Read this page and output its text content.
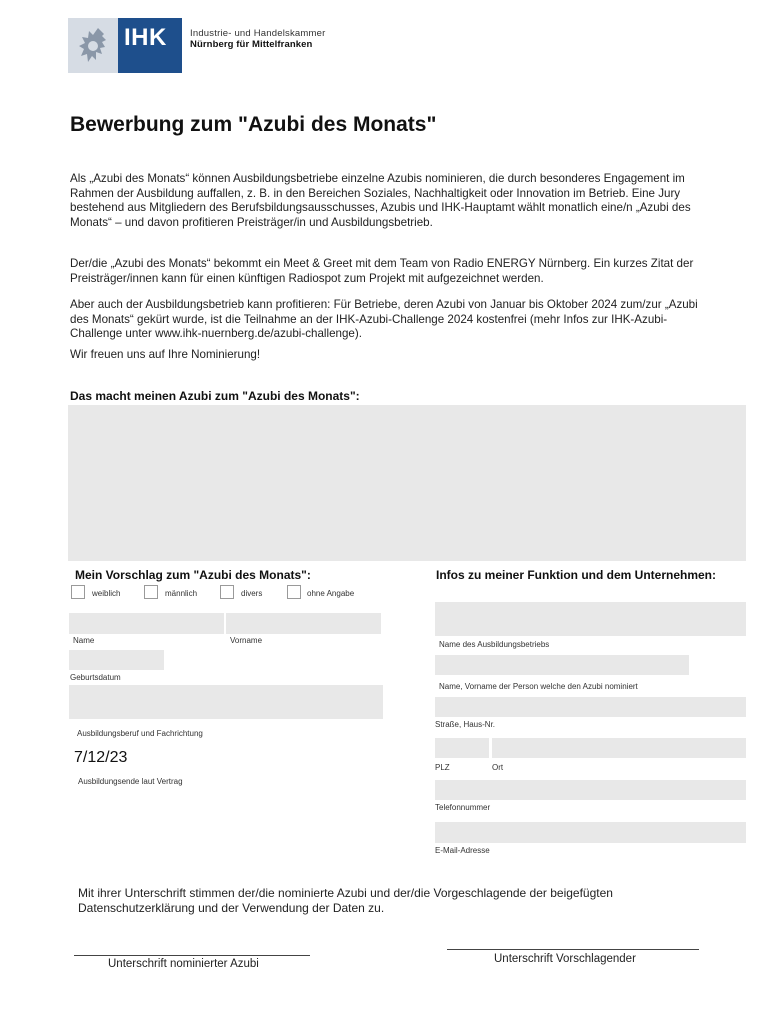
IHK Industrie- und Handelskammer
Nürnberg für Mittelfranken
Bewerbung zum "Azubi des Monats"
Als „Azubi des Monats“ können Ausbildungsbetriebe einzelne Azubis nominieren, die durch besonderes Engagement im Rahmen der Ausbildung auffallen, z. B. in den Bereichen Soziales, Nachhaltigkeit oder Innovation im Betrieb. Eine Jury bestehend aus Mitgliedern des Berufsbildungsausschusses, Azubis und IHK-Hauptamt wählt monatlich eine/n „Azubi des Monats“ – und davon profitieren Preisträger/in und Ausbildungsbetrieb.
Der/die „Azubi des Monats“ bekommt ein Meet & Greet mit dem Team von Radio ENERGY Nürnberg. Ein kurzes Zitat der Preisträger/innen kann für einen künftigen Radiospot zum Projekt mit aufgezeichnet werden.
Aber auch der Ausbildungsbetrieb kann profitieren: Für Betriebe, deren Azubi von Januar bis Oktober 2024 zum/zur „Azubi des Monats“ gekürt wurde, ist die Teilnahme an der IHK-Azubi-Challenge 2024 kostenfrei (mehr Infos zur IHK-Azubi-Challenge unter www.ihk-nuernberg.de/azubi-challenge).
Wir freuen uns auf Ihre Nominierung!
Das macht meinen Azubi zum "Azubi des Monats":
Mein Vorschlag zum "Azubi des Monats":
weiblich	männlich	divers	ohne Angabe
Name	Vorname
Geburtsdatum
Ausbildungsberuf und Fachrichtung
7/12/23
Ausbildungsende laut Vertrag
Infos zu meiner Funktion und dem Unternehmen:
Name des Ausbildungsbetriebs
Name, Vorname der Person welche den Azubi nominiert
Straße, Haus-Nr.
PLZ	Ort
Telefonnummer
E-Mail-Adresse
Mit ihrer Unterschrift stimmen der/die nominierte Azubi und der/die Vorgeschlagende der beigefügten Datenschutzerklärung und der Verwendung der Daten zu.
Unterschrift nominierter Azubi	Unterschrift Vorschlagender
